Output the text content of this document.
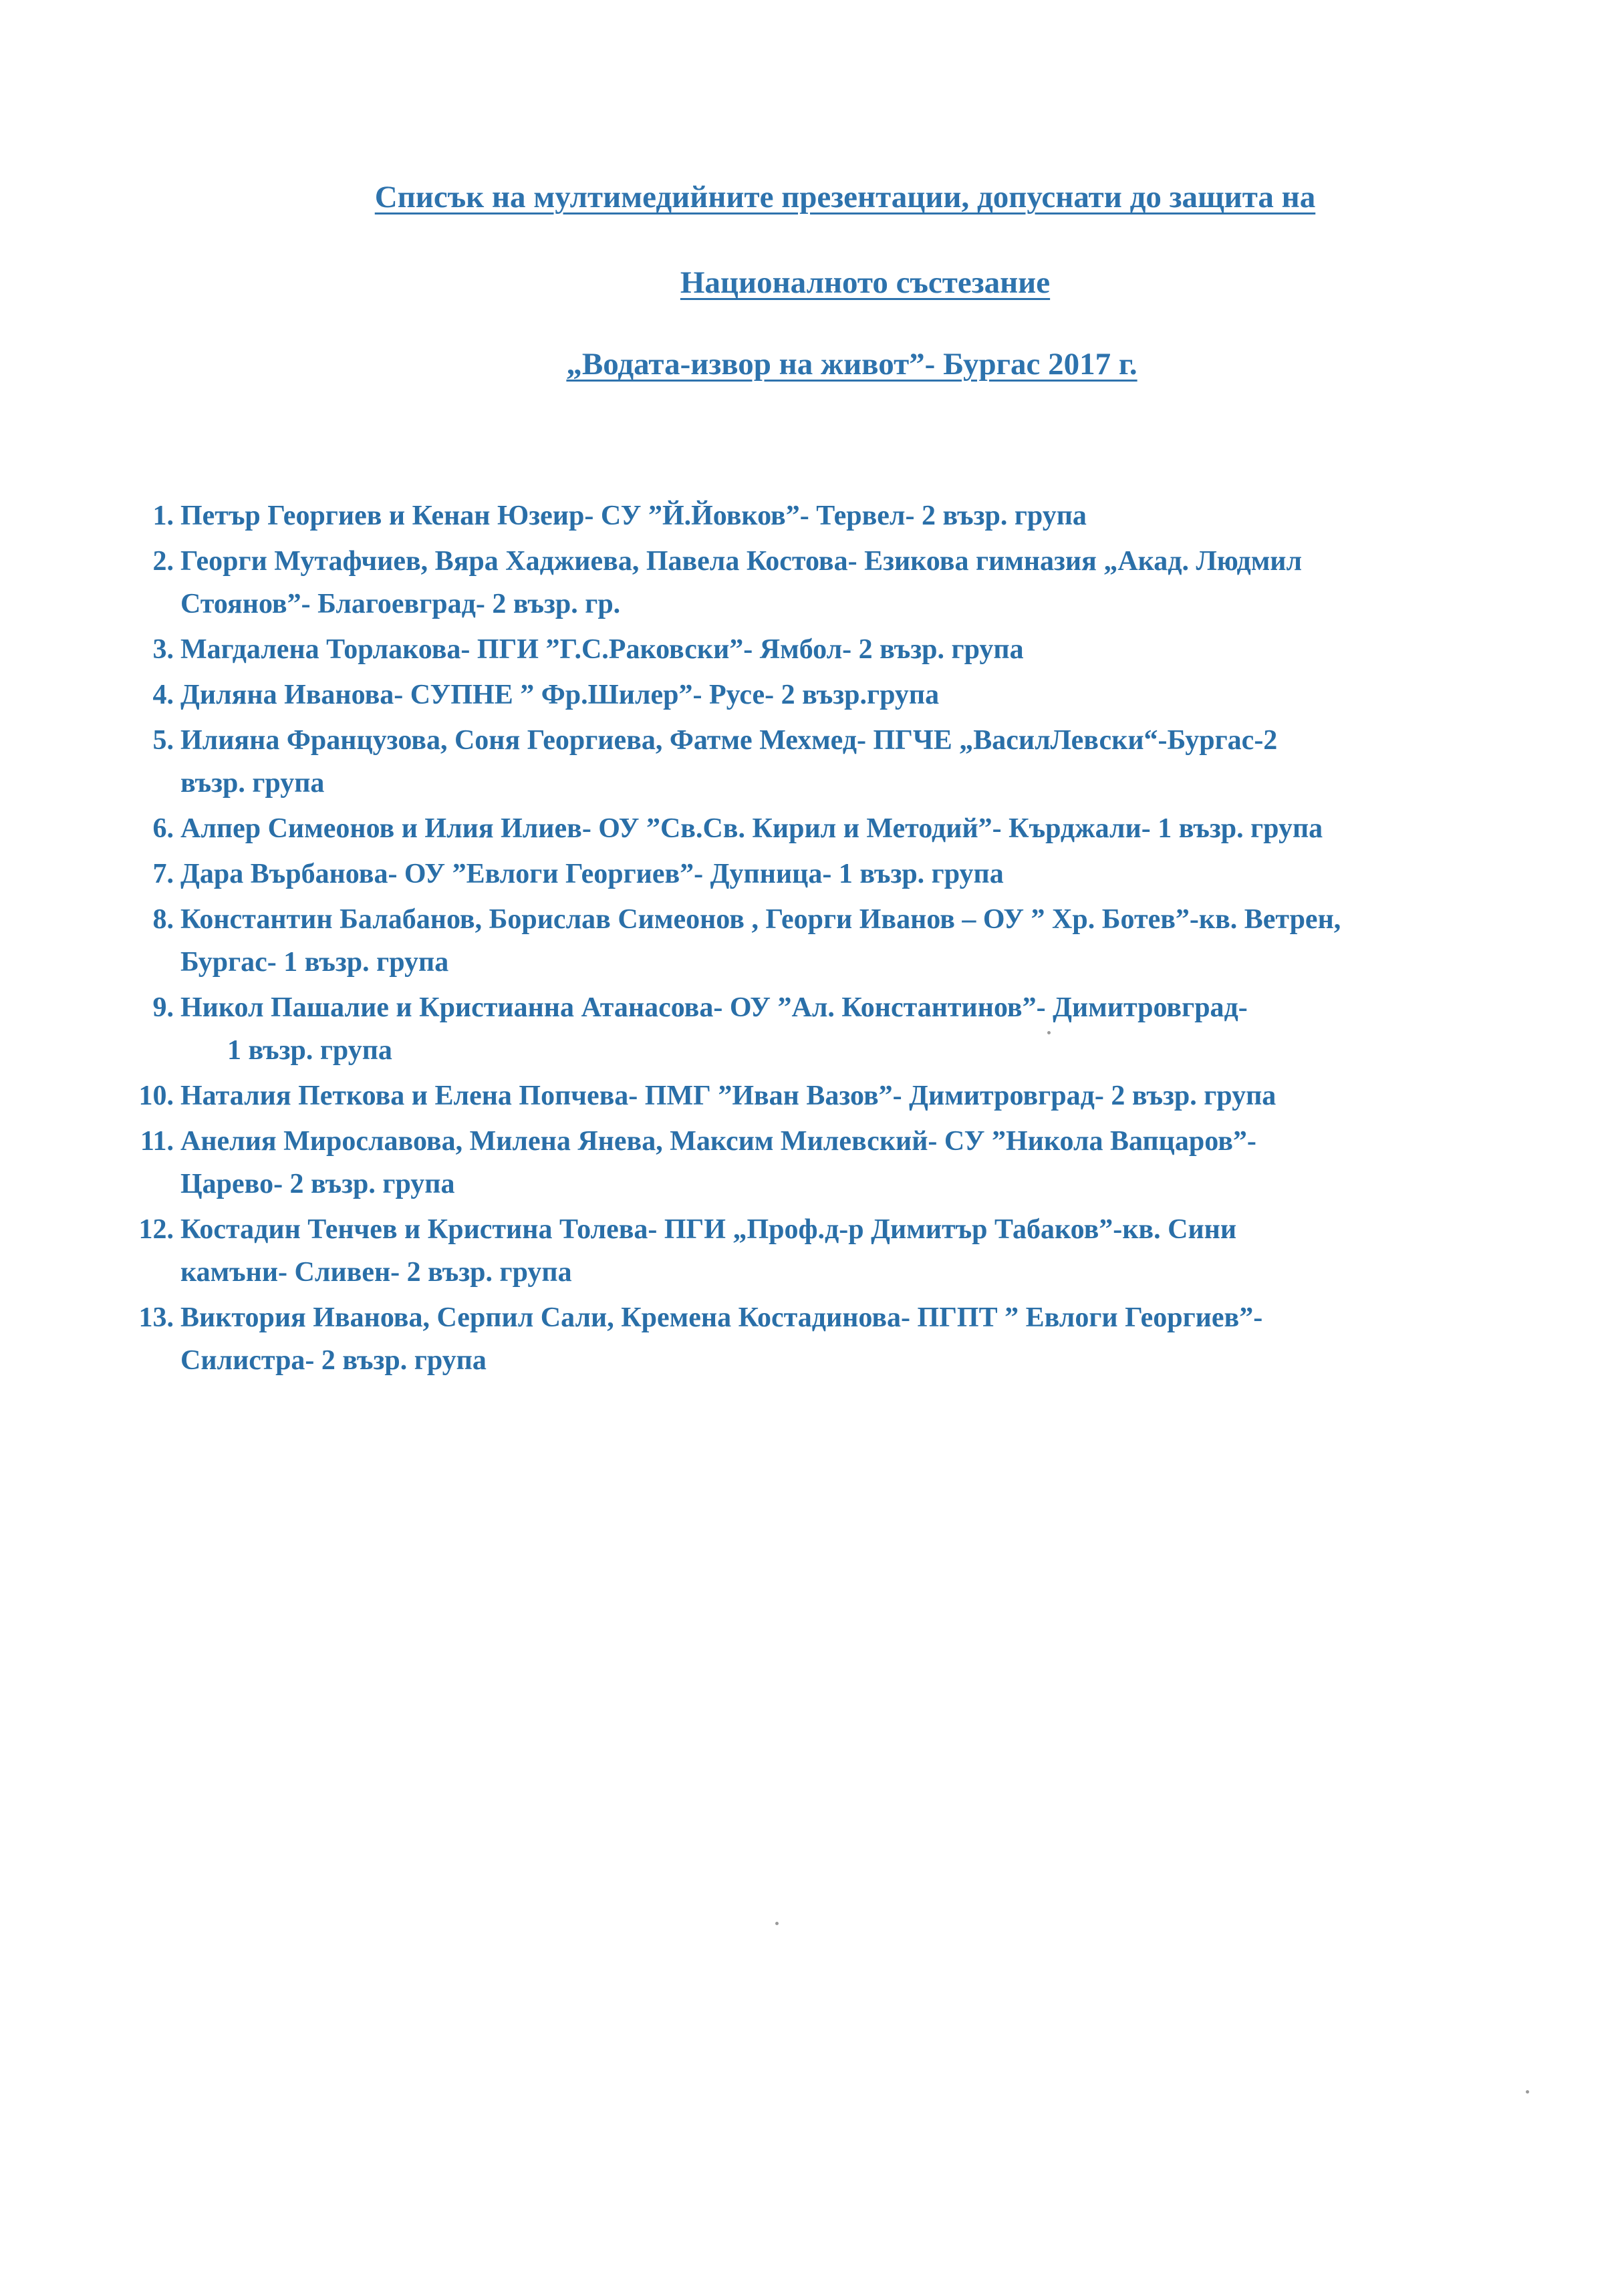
Списък на мултимедийните презентации, допуснати до защита на

Националното състезание

„Водата-извор на живот”- Бургас 2017 г.

1. Петър Георгиев и Кенан Юзеир- СУ ”Й.Йовков”- Тервел- 2 възр. група
2. Георги Мутафчиев, Вяра Хаджиева, Павела Костова- Езикова гимназия „Акад. Людмил
Стоянов”- Благоевград- 2 възр. гр.
3. Магдалена Торлакова- ПГИ ”Г.С.Раковски”- Ямбол- 2 възр. група
4. Диляна Иванова- СУПНЕ ” Фр.Шилер”- Русе- 2 възр.група
5. Илияна Французова, Соня Георгиева, Фатме Мехмед- ПГЧЕ „ВасилЛевски“-Бургас-2
възр. група
6. Алпер Симеонов и Илия Илиев- ОУ ”Св.Св. Кирил и Методий”- Кърджали- 1 възр. група
7. Дара Върбанова- ОУ ”Евлоги Георгиев”- Дупница- 1 възр. група
8. Константин Балабанов, Борислав Симеонов , Георги Иванов – ОУ ” Хр. Ботев”-кв. Ветрен,
Бургас- 1 възр. група
9. Никол Пашалие и Кристианна Атанасова- ОУ ”Ал. Константинов”- Димитровград-
1 възр. група
10. Наталия Петкова и Елена Попчева- ПМГ ”Иван Вазов”- Димитровград- 2 възр. група
11. Анелия Мирославова, Милена Янева, Максим Милевский- СУ ”Никола Вапцаров”-
Царево- 2 възр. група
12. Костадин Тенчев и Кристина Толева- ПГИ „Проф.д-р Димитър Табаков”-кв. Сини
камъни- Сливен- 2 възр. група
13. Виктория Иванова, Серпил Сали, Кремена Костадинова- ПГПТ ” Евлоги Георгиев”-
Силистра- 2 възр. група
